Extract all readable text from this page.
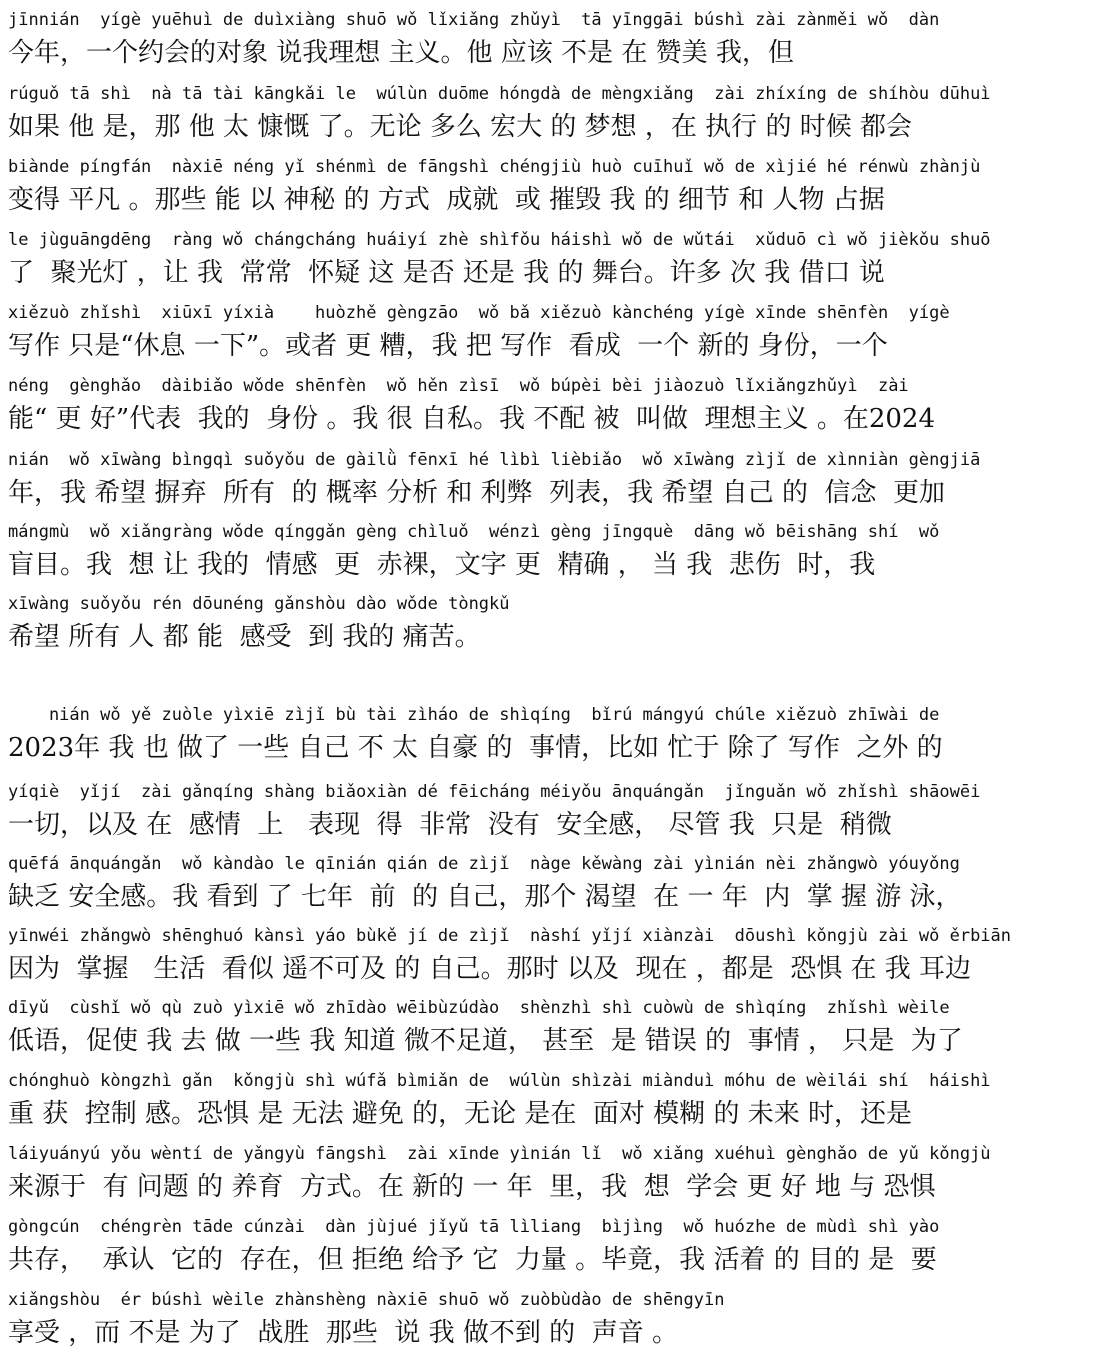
jīnnián  yígè yuēhuì de duìxiàng shuō wǒ lǐxiǎng zhǔyì  tā yīnggāi búshì zài zànměi wǒ  dàn
今年，一个约会的对象 说我理想 主义。他 应该 不是 在 赞美 我，但
rúguǒ tā shì  nà tā tài kāngkǎi le  wúlùn duōme hóngdà de mèngxiǎng  zài zhíxíng de shíhòu dūhuì
如果 他 是，那 他 太 慷慨 了。无论 多么 宏大 的 梦想 ，在 执行 的 时候 都会
biànde píngfán  nàxiē néng yǐ shénmì de fāngshì chéngjiù huò cuīhuǐ wǒ de xìjié hé rénwù zhànjù
变得 平凡 。那些 能 以 神秘 的 方式  成就  或 摧毁 我 的 细节 和 人物 占据
le jùguāngdēng  ràng wǒ chángcháng huáiyí zhè shìfǒu háishì wǒ de wǔtái  xǔduō cì wǒ jièkǒu shuō
了  聚光灯 ，让 我  常常  怀疑 这 是否 还是 我 的 舞台。许多 次 我 借口 说
xiězuò zhǐshì  xiūxī yíxià    huòzhě gèngzāo  wǒ bǎ xiězuò kànchéng yígè xīnde shēnfèn  yígè
写作 只是“休息 一下”。或者 更 糟，我 把 写作  看成  一个 新的 身份，一个
néng  gènghǎo  dàibiǎo wǒde shēnfèn  wǒ hěn zìsī  wǒ búpèi bèi jiàozuò lǐxiǎngzhǔyì  zài
能“ 更 好”代表  我的  身份 。我 很 自私。我 不配 被  叫做  理想主义 。在2024
nián  wǒ xīwàng bìngqì suǒyǒu de gàilǜ fēnxī hé lìbì lièbiǎo  wǒ xīwàng zìjǐ de xìnniàn gèngjiā
年，我 希望 摒弃  所有  的 概率 分析 和 利弊  列表，我 希望 自己 的  信念  更加
mángmù  wǒ xiǎngràng wǒde qínggǎn gèng chìluǒ  wénzì gèng jīngquè  dāng wǒ bēishāng shí  wǒ
盲目。我  想 让 我的  情感  更  赤裸，文字 更  精确 ， 当 我  悲伤  时，我
xīwàng suǒyǒu rén dōunéng gǎnshòu dào wǒde tòngkǔ
希望 所有 人 都 能  感受  到 我的 痛苦。
nián wǒ yě zuòle yìxiē zìjǐ bù tài zìháo de shìqíng  bǐrú mángyú chúle xiězuò zhīwài de
2023年 我 也 做了 一些 自己 不 太 自豪 的  事情，比如 忙于 除了 写作  之外 的
yíqiè  yǐjí  zài gǎnqíng shàng biǎoxiàn dé fēicháng méiyǒu ānquángǎn  jǐnguǎn wǒ zhǐshì shāowēi
一切，以及 在  感情  上   表现  得  非常  没有  安全感， 尽管 我  只是  稍微
quēfá ānquángǎn  wǒ kàndào le qīnián qián de zìjǐ  nàge kěwàng zài yìnián nèi zhǎngwò yóuyǒng
缺乏 安全感。我 看到 了 七年  前  的 自己，那个 渴望  在 一 年  内  掌 握 游 泳，
yīnwéi zhǎngwò shēnghuó kànsì yáo bùkě jí de zìjǐ  nàshí yǐjí xiànzài  dōushì kǒngjù zài wǒ ěrbiān
因为  掌握   生活  看似 遥不可及 的 自己。那时 以及  现在 ，都是  恐惧 在 我 耳边
dīyǔ  cùshǐ wǒ qù zuò yìxiē wǒ zhīdào wēibùzúdào  shènzhì shì cuòwù de shìqíng  zhǐshì wèile
低语，促使 我 去 做 一些 我 知道 微不足道， 甚至  是 错误 的  事情 ， 只是  为了
chónghuò kòngzhì gǎn  kǒngjù shì wúfǎ bìmiǎn de  wúlùn shìzài miànduì móhu de wèilái shí  háishì
重 获  控制 感。恐惧 是 无法 避免 的，无论 是在  面对 模糊 的 未来 时，还是
láiyuányú yǒu wèntí de yǎngyù fāngshì  zài xīnde yìnián lǐ  wǒ xiǎng xuéhuì gènghǎo de yǔ kǒngjù
来源于  有 问题 的 养育  方式。在 新的 一 年  里，我  想  学会 更 好 地 与 恐惧
gòngcún  chéngrèn tāde cúnzài  dàn jùjué jǐyǔ tā lìliang  bìjìng  wǒ huózhe de mùdì shì yào
共存，  承认  它的  存在，但 拒绝 给予 它  力量 。毕竟，我 活着 的 目的 是  要
xiǎngshòu  ér búshì wèile zhànshèng nàxiē shuō wǒ zuòbùdào de shēngyīn
享受 ，而 不是 为了  战胜  那些  说 我 做不到 的  声音 。
